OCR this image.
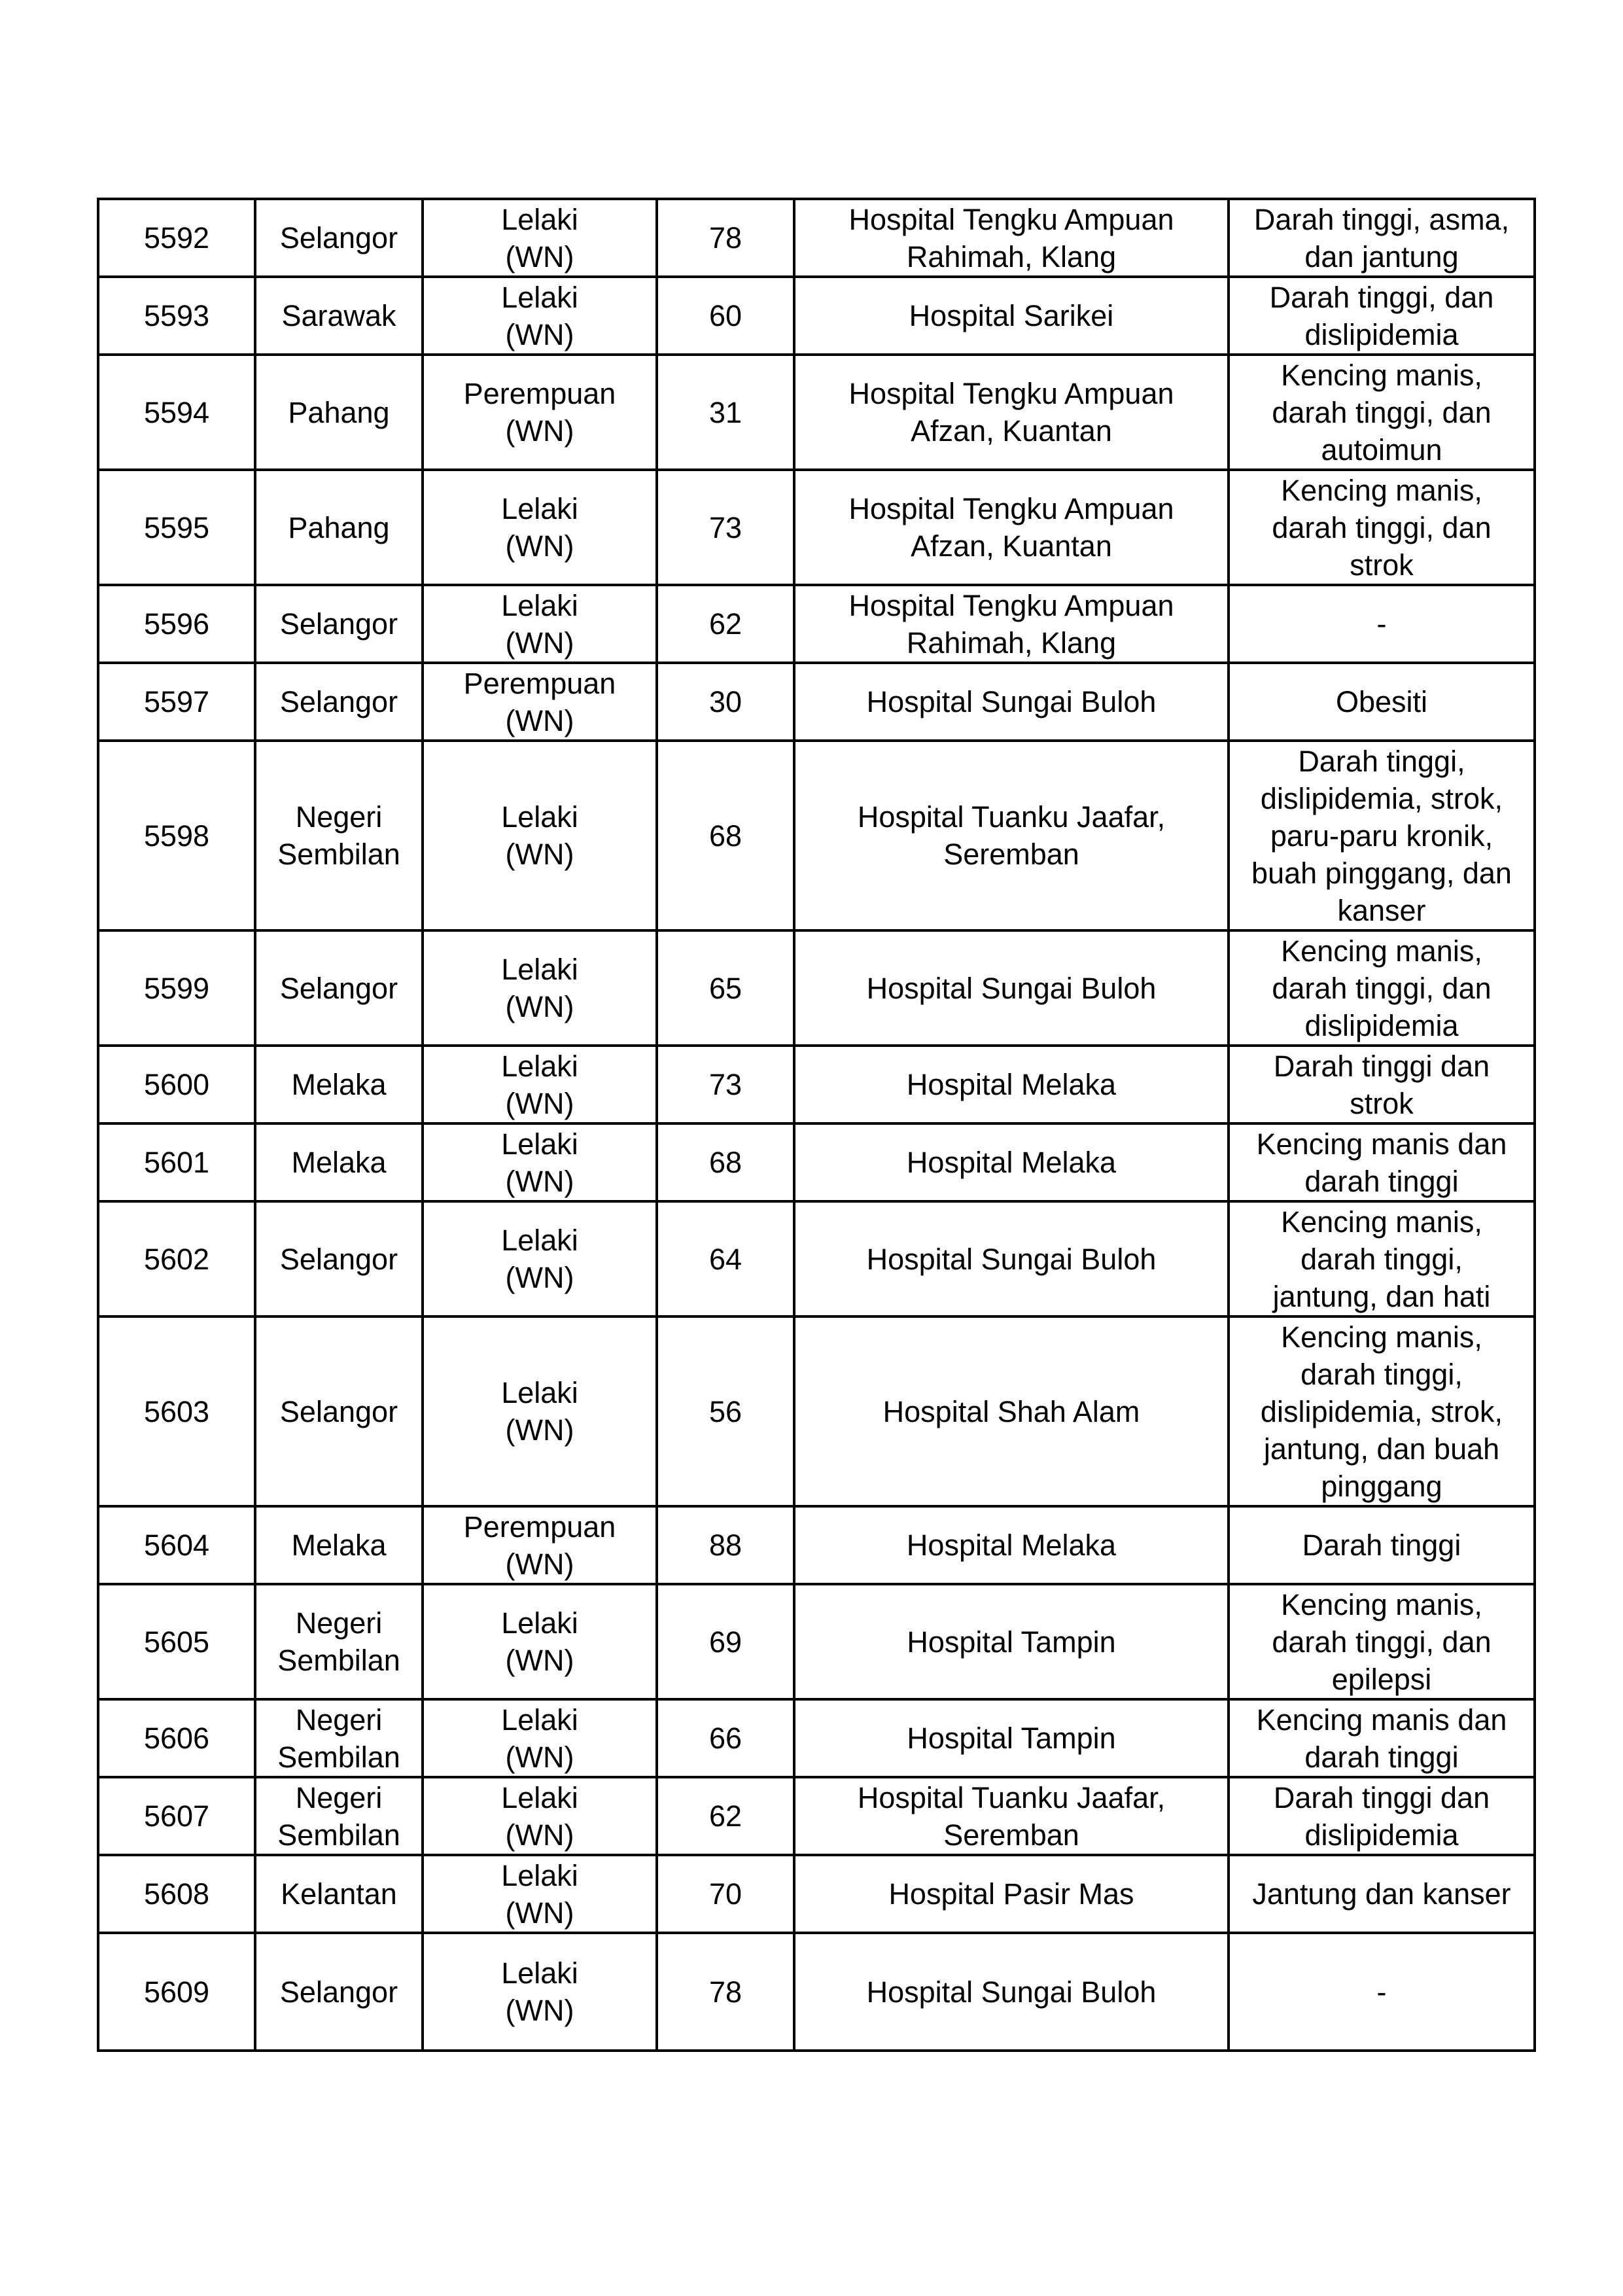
5592	Selangor	Lelaki
(WN)	78	Hospital Tengku Ampuan
Rahimah, Klang	Darah tinggi, asma,
dan jantung

5593	Sarawak	Lelaki
(WN)	60	Hospital Sarikei	Darah tinggi, dan
dislipidemia

5594	Pahang	Perempuan
(WN)	31	Hospital Tengku Ampuan
Afzan, Kuantan	Kencing manis,
darah tinggi, dan
autoimun

5595	Pahang	Lelaki
(WN)	73	Hospital Tengku Ampuan
Afzan, Kuantan	Kencing manis,
darah tinggi, dan
strok

5596	Selangor	Lelaki
(WN)	62	Hospital Tengku Ampuan
Rahimah, Klang	-

5597	Selangor	Perempuan
(WN)	30	Hospital Sungai Buloh	Obesiti

5598	Negeri
Sembilan	Lelaki
(WN)	68	Hospital Tuanku Jaafar,
Seremban	Darah tinggi,
dislipidemia, strok,
paru-paru kronik,
buah pinggang, dan
kanser

5599	Selangor	Lelaki
(WN)	65	Hospital Sungai Buloh	Kencing manis,
darah tinggi, dan
dislipidemia

5600	Melaka	Lelaki
(WN)	73	Hospital Melaka	Darah tinggi dan
strok

5601	Melaka	Lelaki
(WN)	68	Hospital Melaka	Kencing manis dan
darah tinggi

5602	Selangor	Lelaki
(WN)	64	Hospital Sungai Buloh	Kencing manis,
darah tinggi,
jantung, dan hati

5603	Selangor	Lelaki
(WN)	56	Hospital Shah Alam	Kencing manis,
darah tinggi,
dislipidemia, strok,
jantung, dan buah
pinggang

5604	Melaka	Perempuan
(WN)	88	Hospital Melaka	Darah tinggi

5605	Negeri
Sembilan	Lelaki
(WN)	69	Hospital Tampin	Kencing manis,
darah tinggi, dan
epilepsi

5606	Negeri
Sembilan	Lelaki
(WN)	66	Hospital Tampin	Kencing manis dan
darah tinggi

5607	Negeri
Sembilan	Lelaki
(WN)	62	Hospital Tuanku Jaafar,
Seremban	Darah tinggi dan
dislipidemia

5608	Kelantan	Lelaki
(WN)	70	Hospital Pasir Mas	Jantung dan kanser

5609	Selangor	Lelaki
(WN)	78	Hospital Sungai Buloh	-
